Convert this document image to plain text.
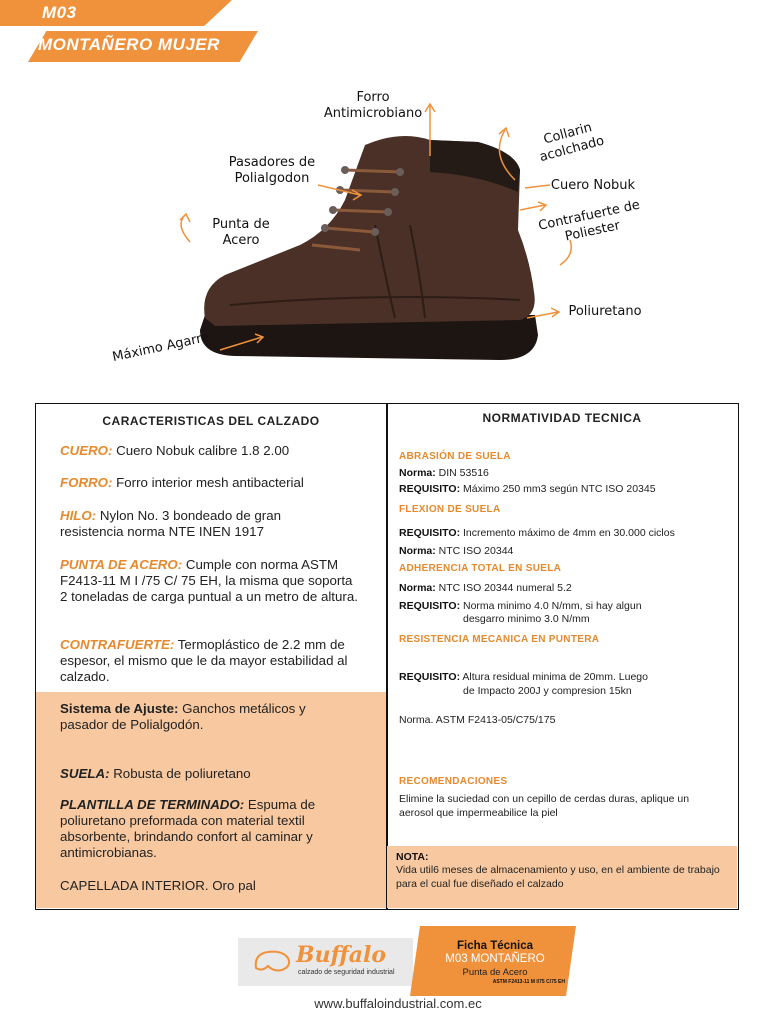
M03
MONTAÑERO MUJER
Forro
Antimicrobiano
Collarin
acolchado
Pasadores de
Polialgodon	Cuero Nobuk
Punta de
Acero
Contrafuerte de
Poliester
Poliuretano
Máximo Agarre
CARACTERISTICAS DEL CALZADO
CUERO: Cuero Nobuk calibre 1.8 2.00
FORRO: Forro interior mesh antibacterial
HILO: Nylon No. 3 bondeado de gran resistencia norma NTE INEN 1917
PUNTA DE ACERO: Cumple con norma ASTM F2413-11 M I /75 C/ 75 EH, la misma que soporta 2 toneladas de carga puntual a un metro de altura.
CONTRAFUERTE: Termoplástico de 2.2 mm de espesor, el mismo que le da mayor estabilidad al calzado.
Sistema de Ajuste: Ganchos metálicos y pasador de Polialgodón.
SUELA: Robusta de poliuretano
PLANTILLA DE TERMINADO: Espuma de poliuretano preformada con material textil absorbente, brindando confort al caminar y antimicrobianas.
CAPELLADA INTERIOR. Oro pal
NORMATIVIDAD TECNICA
ABRASIÓN DE SUELA
Norma: DIN 53516
REQUISITO: Máximo 250 mm3 según NTC ISO 20345
FLEXION DE SUELA
REQUISITO: Incremento máximo de 4mm en 30.000 ciclos
Norma: NTC ISO 20344
ADHERENCIA TOTAL EN SUELA
Norma: NTC ISO 20344 numeral 5.2
REQUISITO: Norma minimo 4.0 N/mm, si hay algun
desgarro minimo 3.0 N/mm
RESISTENCIA MECANICA EN PUNTERA
REQUISITO: Altura residual minima de 20mm. Luego
de Impacto 200J y compresion 15kn
Norma. ASTM F2413-05/C75/175
RECOMENDACIONES
Elimine la suciedad con un cepillo de cerdas duras, aplique un aerosol que impermeabilice la piel
NOTA:
Vida util6 meses de almacenamiento y uso, en el ambiente de trabajo para el cual fue diseñado el calzado
Buffalo
calzado de seguridad industrial
Ficha Técnica
M03 MONTAÑERO
Punta de Acero
ASTM F2413-11 M I/75 C/75 EH
www.buffaloindustrial.com.ec
